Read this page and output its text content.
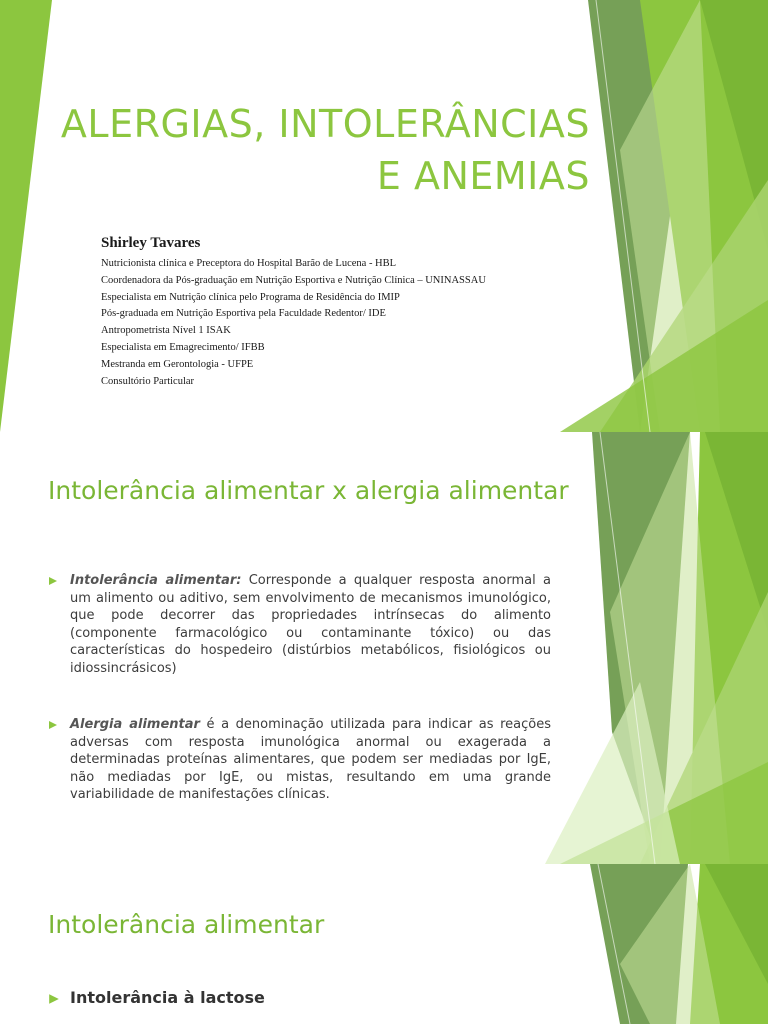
ALERGIAS, INTOLERÂNCIAS
E ANEMIAS
Shirley Tavares
Nutricionista clínica e Preceptora do Hospital Barão de Lucena - HBL
Coordenadora da Pós-graduação em Nutrição Esportiva e Nutrição Clínica – UNINASSAU
Especialista em Nutrição clínica pelo Programa de Residência do IMIP
Pós-graduada em Nutrição Esportiva pela Faculdade Redentor/ IDE
Antropometrista Nível 1 ISAK
Especialista em Emagrecimento/ IFBB
Mestranda em Gerontologia - UFPE
Consultório Particular
Intolerância alimentar x alergia alimentar
Intolerância alimentar: Corresponde a qualquer resposta anormal a um alimento ou aditivo, sem envolvimento de mecanismos imunológico, que pode decorrer das propriedades intrínsecas do alimento (componente farmacológico ou contaminante tóxico) ou das características do hospedeiro (distúrbios metabólicos, fisiológicos ou idiossincrásicos)
Alergia alimentar é a denominação utilizada para indicar as reações adversas com resposta imunológica anormal ou exagerada a determinadas proteínas alimentares, que podem ser mediadas por IgE, não mediadas por IgE, ou mistas, resultando em uma grande variabilidade de manifestações clínicas.
Intolerância alimentar
Intolerância à lactose
